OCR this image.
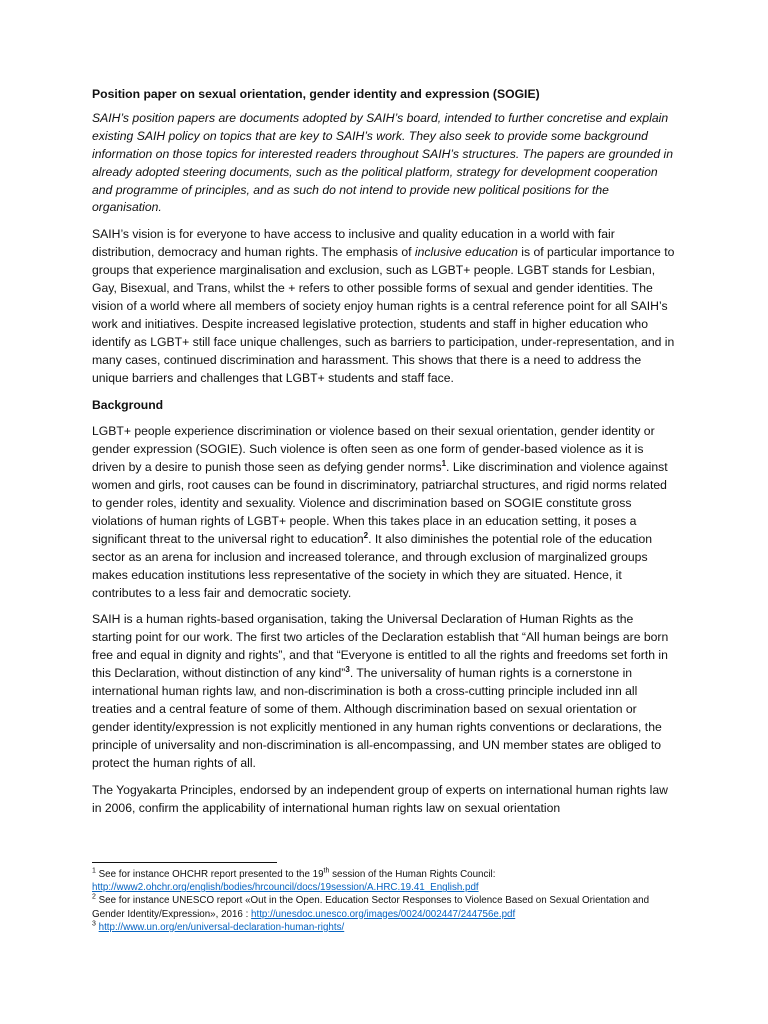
Position paper on sexual orientation, gender identity and expression (SOGIE)

SAIH’s position papers are documents adopted by SAIH’s board, intended to further concretise and explain existing SAIH policy on topics that are key to SAIH’s work. They also seek to provide some background information on those topics for interested readers throughout SAIH’s structures. The papers are grounded in already adopted steering documents, such as the political platform, strategy for development cooperation and programme of principles, and as such do not intend to provide new political positions for the organisation.

SAIH’s vision is for everyone to have access to inclusive and quality education in a world with fair distribution, democracy and human rights. The emphasis of inclusive education is of particular importance to groups that experience marginalisation and exclusion, such as LGBT+ people. LGBT stands for Lesbian, Gay, Bisexual, and Trans, whilst the + refers to other possible forms of sexual and gender identities. The vision of a world where all members of society enjoy human rights is a central reference point for all SAIH’s work and initiatives. Despite increased legislative protection, students and staff in higher education who identify as LGBT+ still face unique challenges, such as barriers to participation, under-representation, and in many cases, continued discrimination and harassment. This shows that there is a need to address the unique barriers and challenges that LGBT+ students and staff face.

Background

LGBT+ people experience discrimination or violence based on their sexual orientation, gender identity or gender expression (SOGIE). Such violence is often seen as one form of gender-based violence as it is driven by a desire to punish those seen as defying gender norms$^1$. Like discrimination and violence against women and girls, root causes can be found in discriminatory, patriarchal structures, and rigid norms related to gender roles, identity and sexuality. Violence and discrimination based on SOGIE constitute gross violations of human rights of LGBT+ people. When this takes place in an education setting, it poses a significant threat to the universal right to education$^2$. It also diminishes the potential role of the education sector as an arena for inclusion and increased tolerance, and through exclusion of marginalized groups makes education institutions less representative of the society in which they are situated. Hence, it contributes to a less fair and democratic society.

SAIH is a human rights-based organisation, taking the Universal Declaration of Human Rights as the starting point for our work. The first two articles of the Declaration establish that “All human beings are born free and equal in dignity and rights”, and that “Everyone is entitled to all the rights and freedoms set forth in this Declaration, without distinction of any kind”$^3$. The universality of human rights is a cornerstone in international human rights law, and non-discrimination is both a cross-cutting principle included inn all treaties and a central feature of some of them. Although discrimination based on sexual orientation or gender identity/expression is not explicitly mentioned in any human rights conventions or declarations, the principle of universality and non-discrimination is all-encompassing, and UN member states are obliged to protect the human rights of all.

The Yogyakarta Principles, endorsed by an independent group of experts on international human rights law in 2006, confirm the applicability of international human rights law on sexual orientation

$^1$ See for instance OHCHR report presented to the 19th session of the Human Rights Council:
http://www2.ohchr.org/english/bodies/hrcouncil/docs/19session/A.HRC.19.41_English.pdf
$^2$ See for instance UNESCO report «Out in the Open. Education Sector Responses to Violence Based on Sexual Orientation and Gender Identity/Expression», 2016 : http://unesdoc.unesco.org/images/0024/002447/244756e.pdf
$^3$ http://www.un.org/en/universal-declaration-human-rights/
